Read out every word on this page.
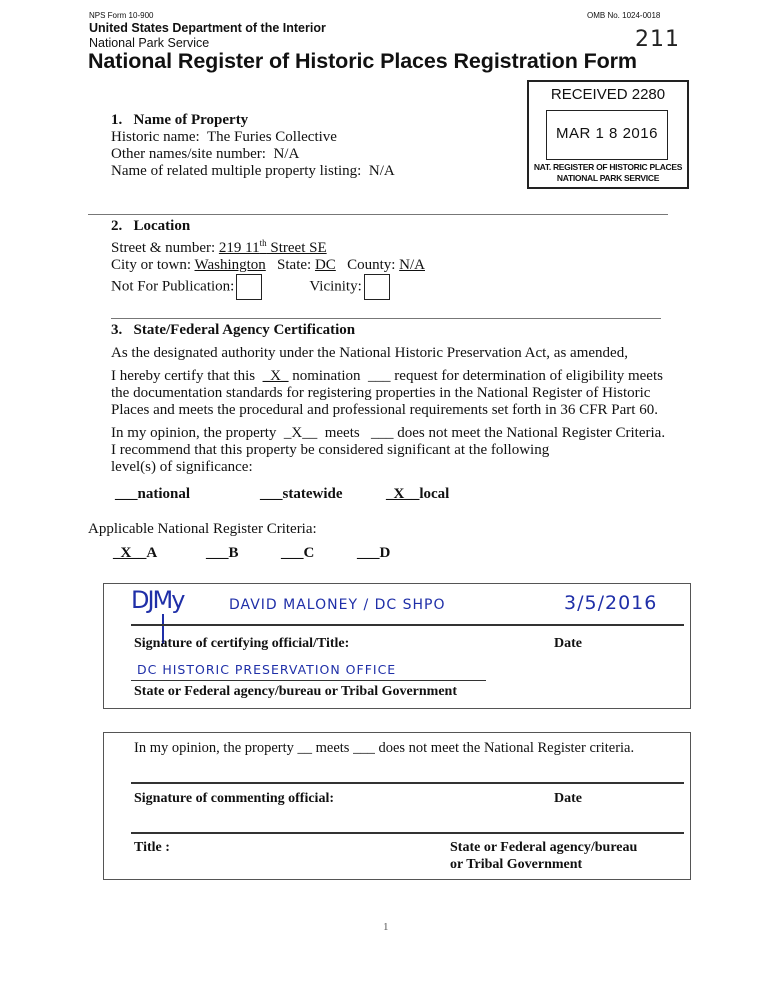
NPS Form 10-900	OMB No. 1024-0018
United States Department of the Interior
National Park Service	211
National Register of Historic Places Registration Form
RECEIVED 2280
MAR 1 8 2016
NAT. REGISTER OF HISTORIC PLACES
NATIONAL PARK SERVICE
1.   Name of Property
Historic name: The Furies Collective
Other names/site number: N/A
Name of related multiple property listing: N/A
2.   Location
Street & number: 219 11th Street SE
City or town: Washington State: DC County: N/A
Not For Publication:	Vicinity:
3.   State/Federal Agency Certification
As the designated authority under the National Historic Preservation Act, as amended,
I hereby certify that this _X_ nomination ___ request for determination of eligibility meets
the documentation standards for registering properties in the National Register of Historic
Places and meets the procedural and professional requirements set forth in 36 CFR Part 60.
In my opinion, the property _X__ meets ___ does not meet the National Register Criteria.
I recommend that this property be considered significant at the following
level(s) of significance:
___national	___statewide	_X__local
Applicable National Register Criteria:
_X__A	___B	___C	___D
DJMy	DAVID MALONEY / DC SHPO	3/5/2016
Signature of certifying official/Title:	Date
DC HISTORIC PRESERVATION OFFICE
State or Federal agency/bureau or Tribal Government
In my opinion, the property __ meets ___ does not meet the National Register criteria.
Signature of commenting official:	Date
Title :	State or Federal agency/bureau
or Tribal Government
1
